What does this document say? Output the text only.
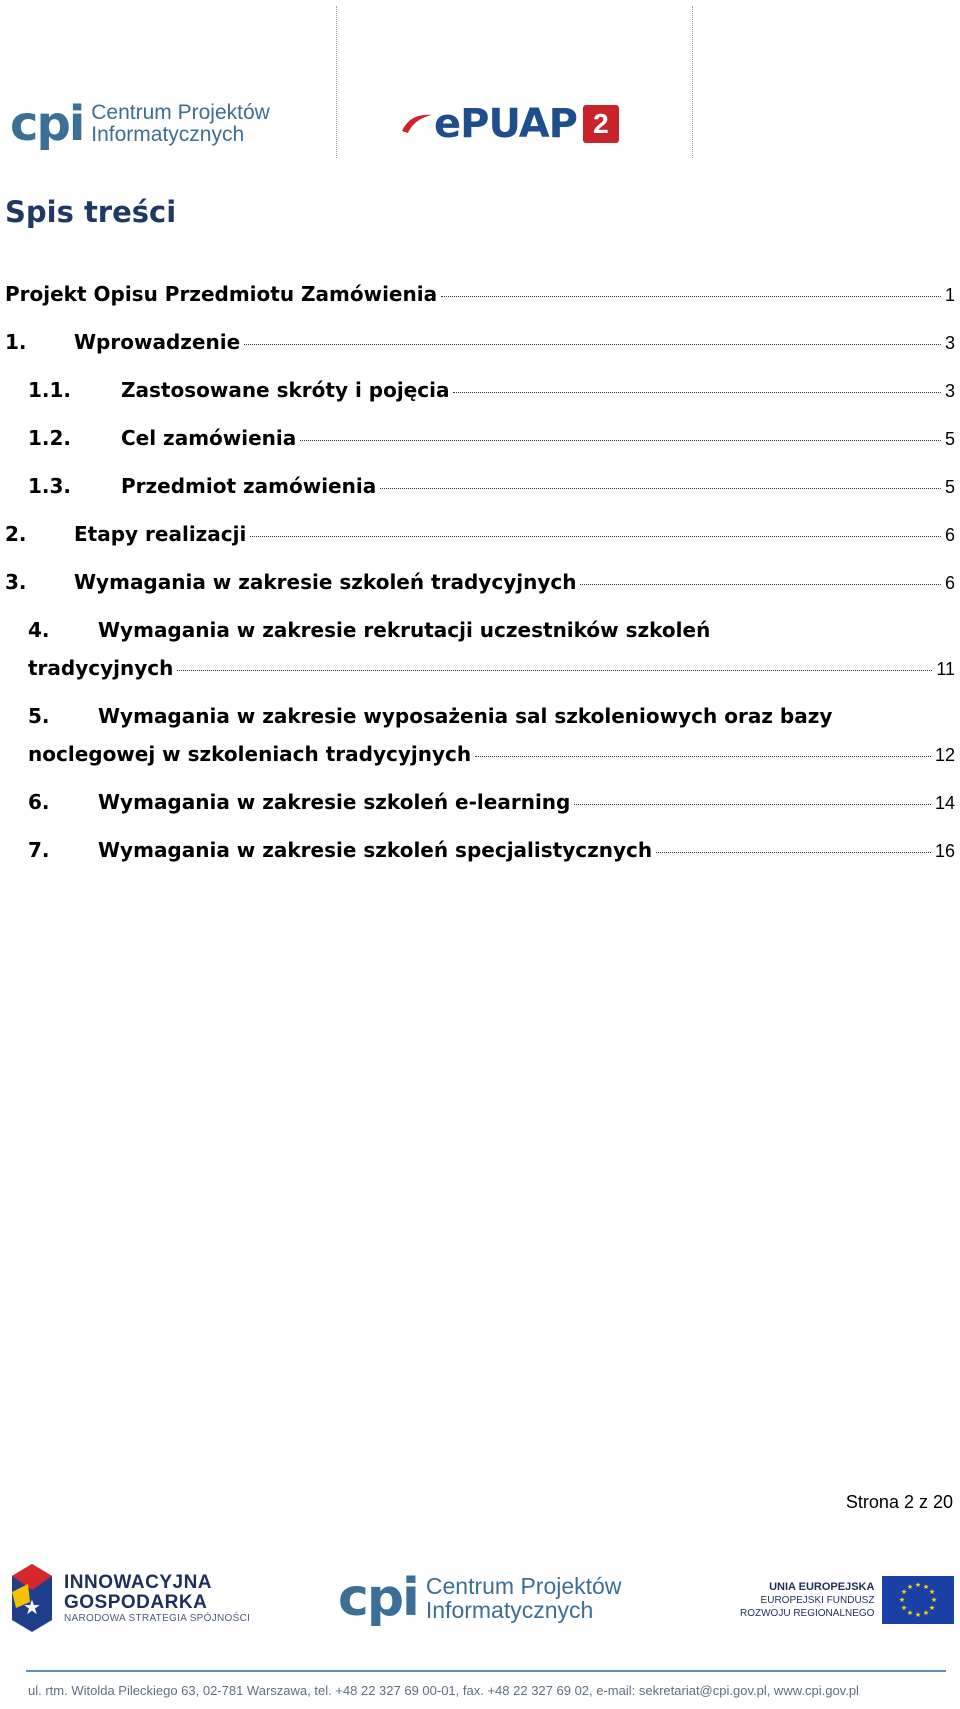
cpi Centrum Projektów
Informatycznych	ePUAP 2
Spis treści
Projekt Opisu Przedmiotu Zamówienia	1
1.	Wprowadzenie	3
1.1.	Zastosowane skróty i pojęcia	3
1.2.	Cel zamówienia	5
1.3.	Przedmiot zamówienia	5
2.	Etapy realizacji	6
3.	Wymagania w zakresie szkoleń tradycyjnych	6
4. Wymagania w zakresie rekrutacji uczestników szkoleń
tradycyjnych	11
5. Wymagania w zakresie wyposażenia sal szkoleniowych oraz bazy
noclegowej w szkoleniach tradycyjnych	12
6.	Wymagania w zakresie szkoleń e-learning	14
7.	Wymagania w zakresie szkoleń specjalistycznych	16
Strona 2 z 20
★
INNOWACYJNA
GOSPODARKA
NARODOWA STRATEGIA SPÓJNOŚCI cpi Centrum Projektów
Informatycznych
UNIA EUROPEJSKA
EUROPEJSKI FUNDUSZ
ROZWOJU REGIONALNEGO
★ ★
★
★
★
★
★
★
★
★
★
★
ul. rtm. Witolda Pileckiego 63, 02-781 Warszawa, tel. +48 22 327 69 00-01, fax. +48 22 327 69 02, e-mail: sekretariat@cpi.gov.pl, www.cpi.gov.pl
